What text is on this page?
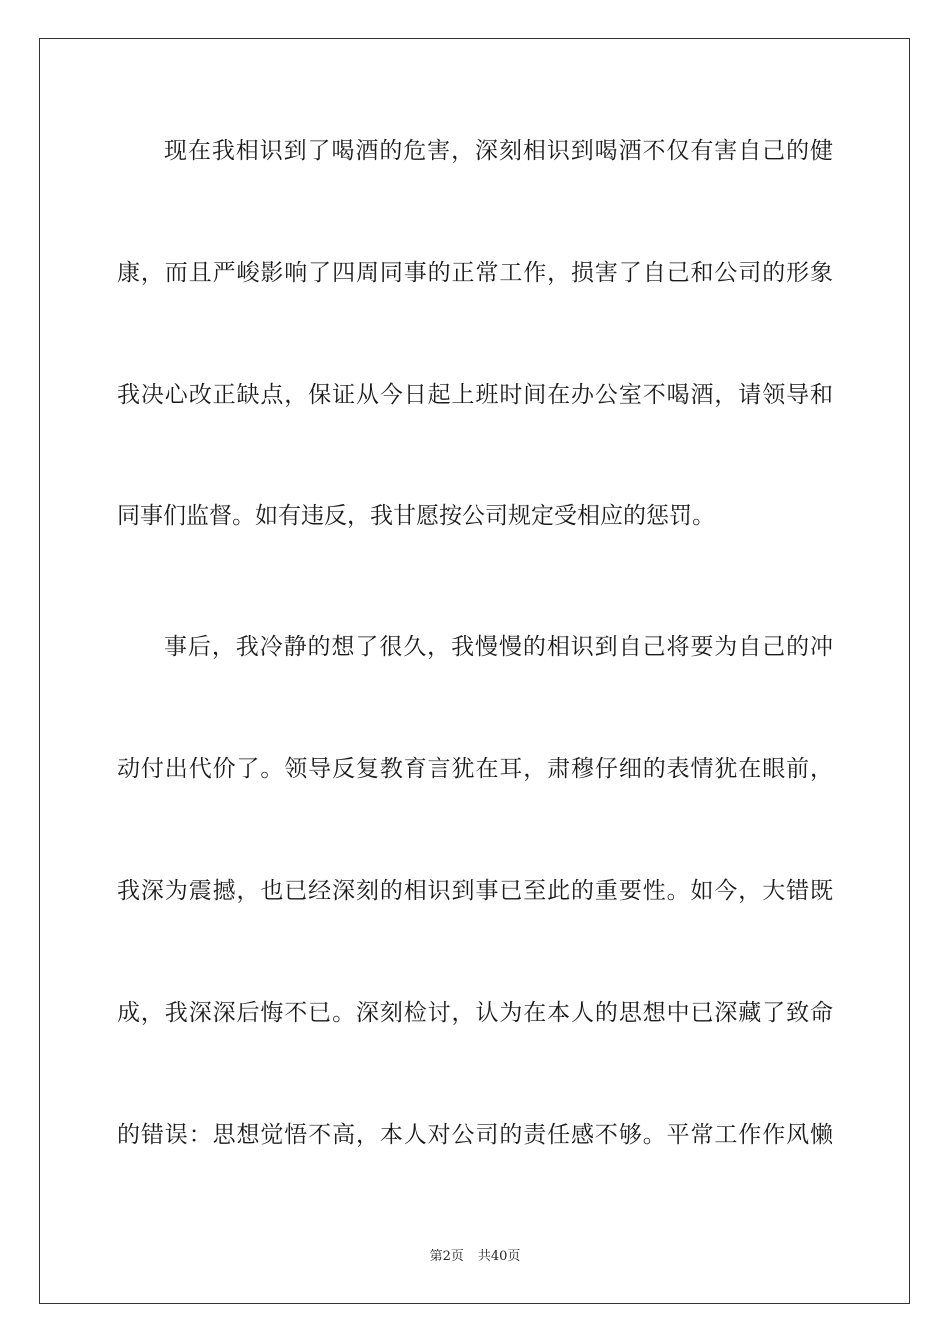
现在我相识到了喝酒的危害，深刻相识到喝酒不仅有害自己的健
康，而且严峻影响了四周同事的正常工作，损害了自己和公司的形象
我决心改正缺点，保证从今日起上班时间在办公室不喝酒，请领导和
同事们监督。如有违反，我甘愿按公司规定受相应的惩罚。
事后，我冷静的想了很久，我慢慢的相识到自己将要为自己的冲
动付出代价了。领导反复教育言犹在耳，肃穆仔细的表情犹在眼前，
我深为震撼，也已经深刻的相识到事已至此的重要性。如今，大错既
成，我深深后悔不已。深刻检讨，认为在本人的思想中已深藏了致命
的错误：思想觉悟不高，本人对公司的责任感不够。平常工作作风懒
第2页 共40页
